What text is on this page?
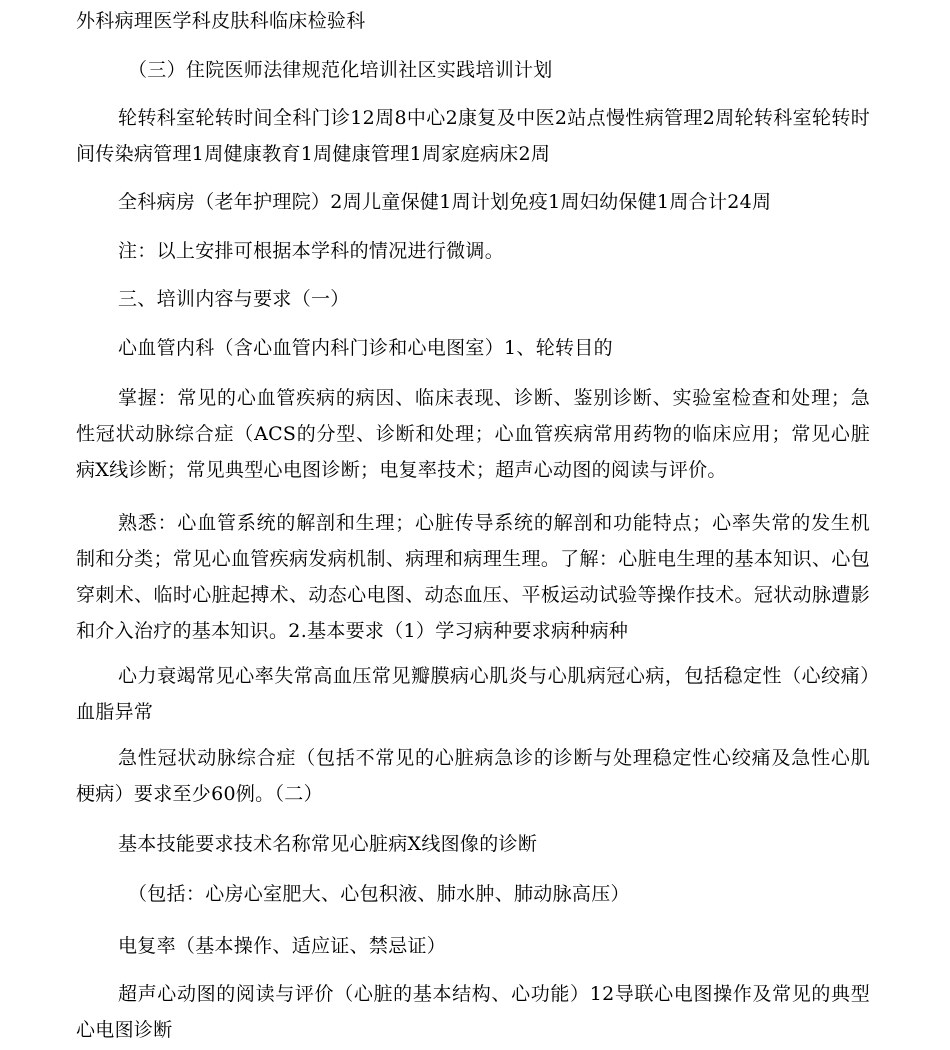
外科病理医学科皮肤科临床检验科
（三）住院医师法律规范化培训社区实践培训计划
轮转科室轮转时间全科门诊12周8中心2康复及中医2站点慢性病管理2周轮转科室轮转时间传染病管理1周健康教育1周健康管理1周家庭病床2周
全科病房（老年护理院）2周儿童保健1周计划免疫1周妇幼保健1周合计24周
注：以上安排可根据本学科的情况进行微调。
三、培训内容与要求（一）
心血管内科（含心血管内科门诊和心电图室）1、轮转目的
掌握：常见的心血管疾病的病因、临床表现、诊断、鉴别诊断、实验室检查和处理；急性冠状动脉综合症（ACS的分型、诊断和处理；心血管疾病常用药物的临床应用；常见心脏病X线诊断；常见典型心电图诊断；电复率技术；超声心动图的阅读与评价。
熟悉：心血管系统的解剖和生理；心脏传导系统的解剖和功能特点；心率失常的发生机制和分类；常见心血管疾病发病机制、病理和病理生理。了解：心脏电生理的基本知识、心包穿刺术、临时心脏起搏术、动态心电图、动态血压、平板运动试验等操作技术。冠状动脉遭影和介入治疗的基本知识。2.基本要求（1）学习病种要求病种病种
心力衰竭常见心率失常高血压常见瓣膜病心肌炎与心肌病冠心病，包括稳定性（心绞痛）血脂异常
急性冠状动脉综合症（包括不常见的心脏病急诊的诊断与处理稳定性心绞痛及急性心肌梗病）要求至少60例。（二）
基本技能要求技术名称常见心脏病X线图像的诊断
（包括：心房心室肥大、心包积液、肺水肿、肺动脉高压）
电复率（基本操作、适应证、禁忌证）
超声心动图的阅读与评价（心脏的基本结构、心功能）12导联心电图操作及常见的典型心电图诊断
